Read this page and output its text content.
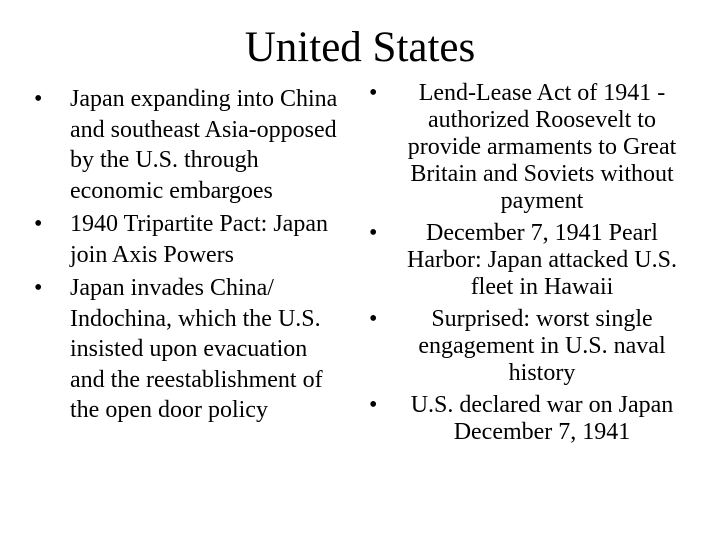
United States
•	Japan expanding into China and southeast Asia-opposed by the U.S. through economic embargoes
•	1940 Tripartite Pact: Japan join Axis Powers
•	Japan invades China/ Indochina, which the U.S. insisted upon evacuation and the reestablishment of the open door policy
•	Lend-Lease Act of 1941 -authorized Roosevelt to provide armaments to Great Britain and Soviets without payment
•	December 7, 1941 Pearl Harbor: Japan attacked U.S. fleet in Hawaii
•	Surprised: worst single engagement in U.S. naval history
•	U.S. declared war on Japan December 7, 1941
